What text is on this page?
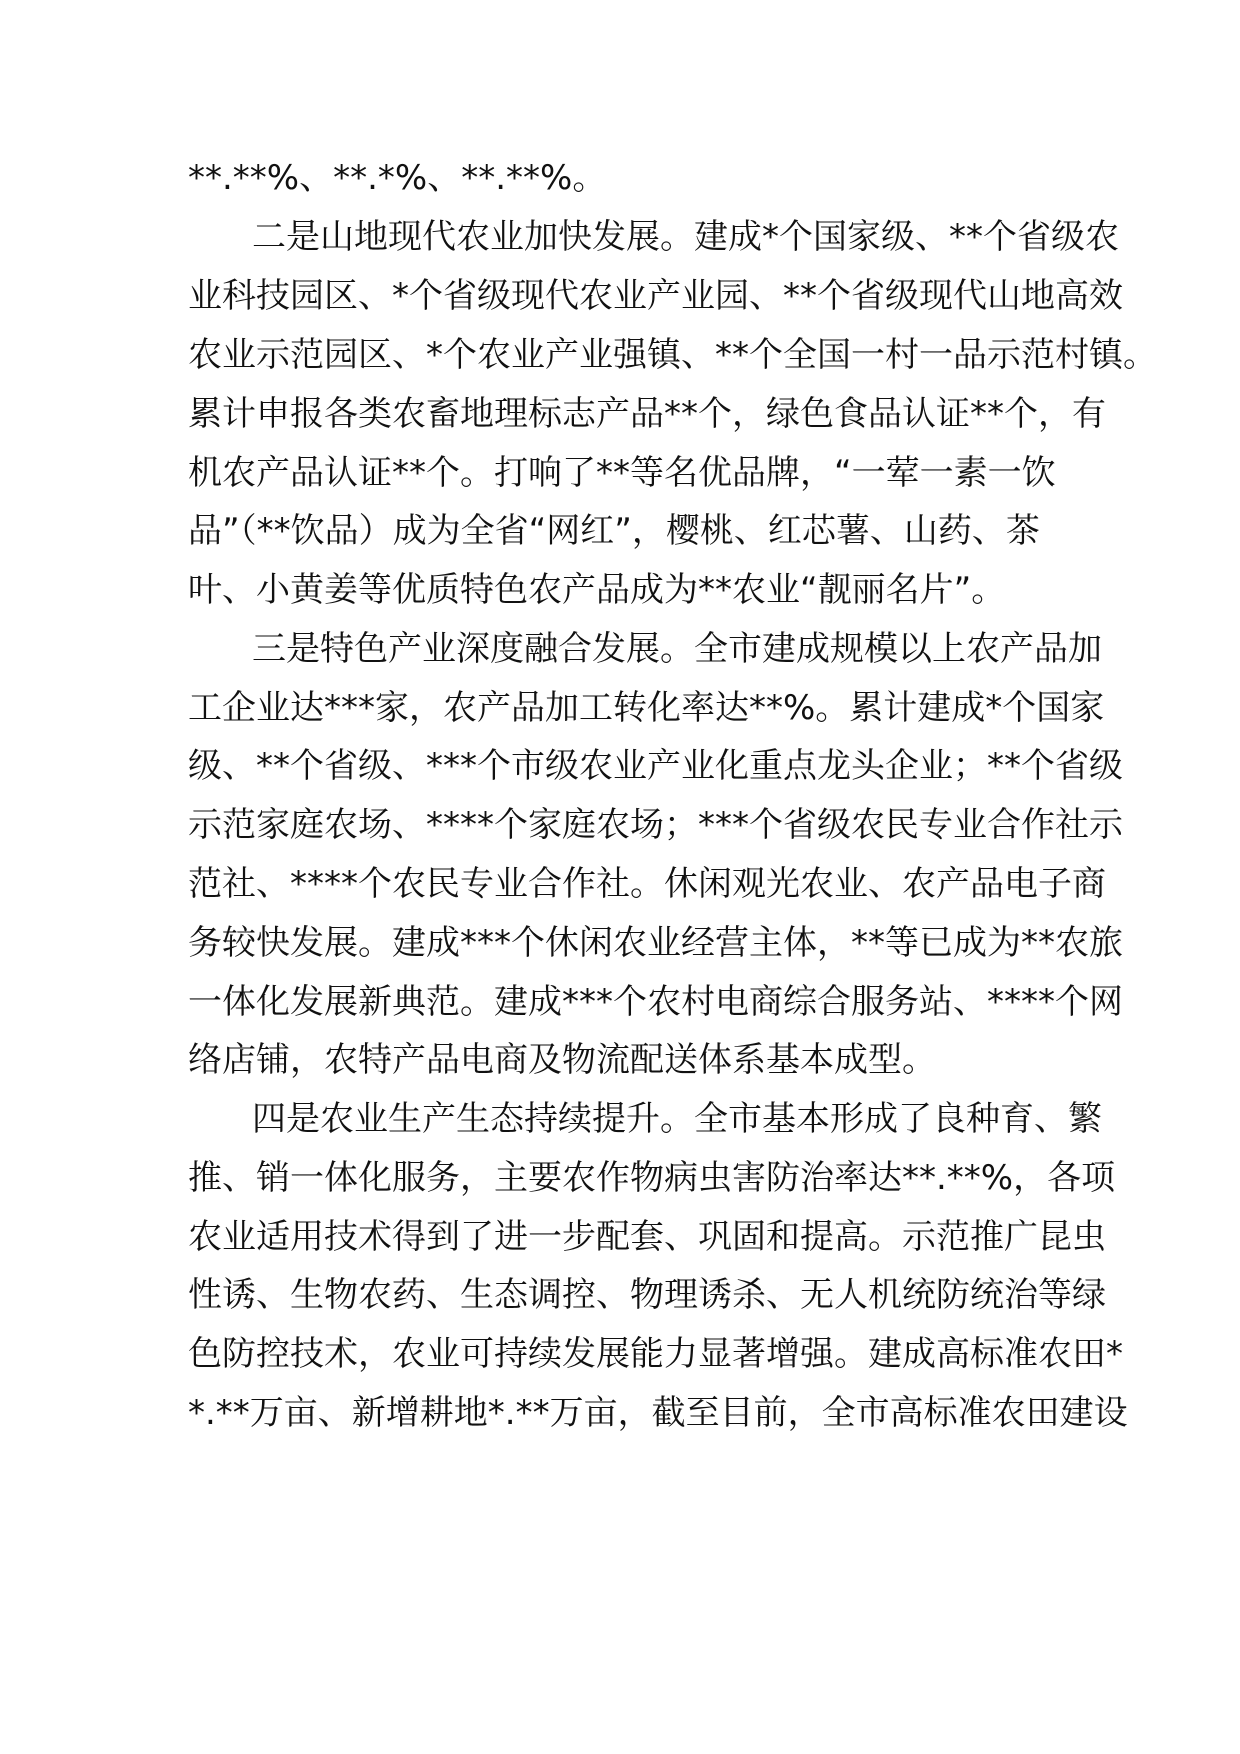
**.**%、**.*%、**.**%。
二是山地现代农业加快发展。建成*个国家级、**个省级农
业科技园区、*个省级现代农业产业园、**个省级现代山地高效
农业示范园区、*个农业产业强镇、**个全国一村一品示范村镇。
累计申报各类农畜地理标志产品**个，绿色食品认证**个，有
机农产品认证**个。打响了**等名优品牌，“一荤一素一饮
品”（**饮品）成为全省“网红”，樱桃、红芯薯、山药、茶
叶、小黄姜等优质特色农产品成为**农业“靓丽名片”。
三是特色产业深度融合发展。全市建成规模以上农产品加
工企业达***家，农产品加工转化率达**%。累计建成*个国家
级、**个省级、***个市级农业产业化重点龙头企业；**个省级
示范家庭农场、****个家庭农场；***个省级农民专业合作社示
范社、****个农民专业合作社。休闲观光农业、农产品电子商
务较快发展。建成***个休闲农业经营主体，**等已成为**农旅
一体化发展新典范。建成***个农村电商综合服务站、****个网
络店铺，农特产品电商及物流配送体系基本成型。
四是农业生产生态持续提升。全市基本形成了良种育、繁
推、销一体化服务，主要农作物病虫害防治率达**.**%，各项
农业适用技术得到了进一步配套、巩固和提高。示范推广昆虫
性诱、生物农药、生态调控、物理诱杀、无人机统防统治等绿
色防控技术，农业可持续发展能力显著增强。建成高标准农田*
*.**万亩、新增耕地*.**万亩，截至目前，全市高标准农田建设
